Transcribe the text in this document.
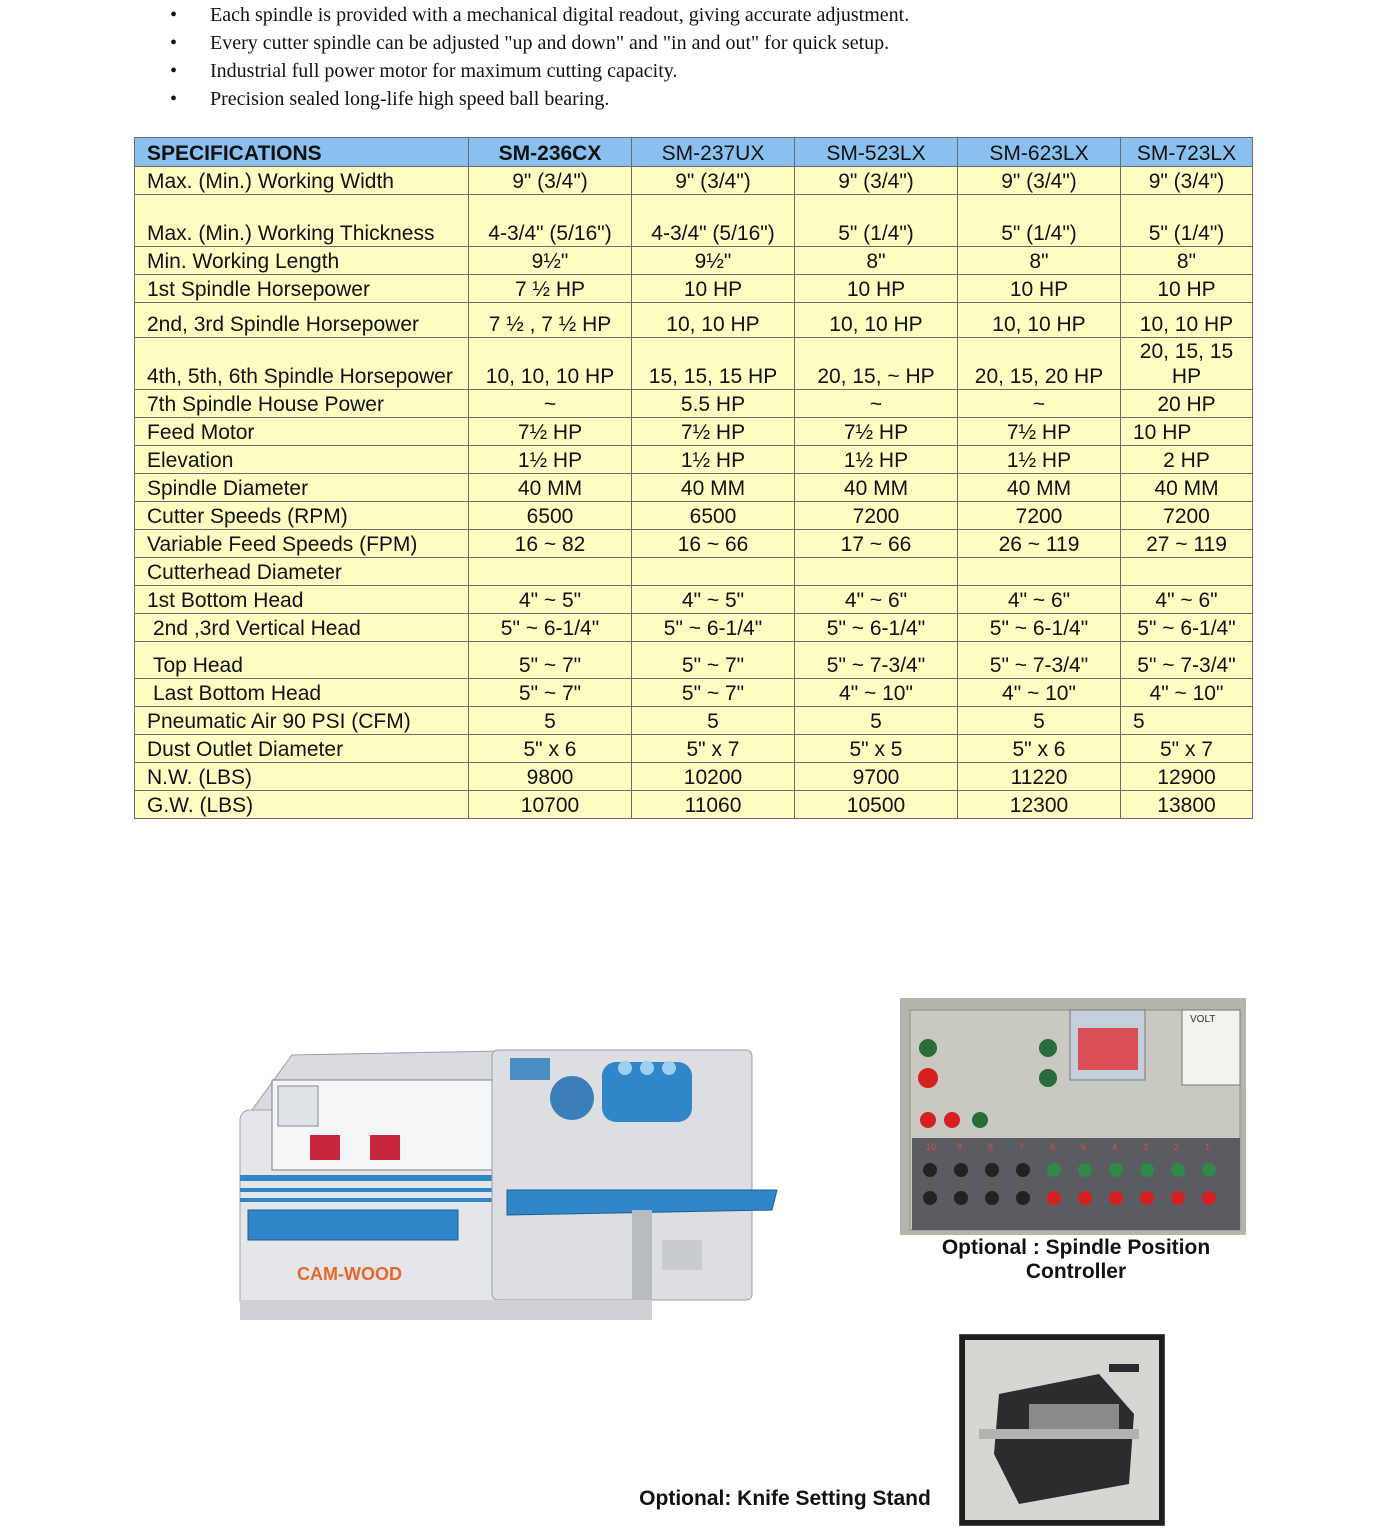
• Each spindle is provided with a mechanical digital readout, giving accurate adjustment.
• Every cutter spindle can be adjusted "up and down" and "in and out" for quick setup.
• Industrial full power motor for maximum cutting capacity.
• Precision sealed long-life high speed ball bearing.
SPECIFICATIONS	SM-236CX	SM-237UX	SM-523LX	SM-623LX	SM-723LX
Max. (Min.) Working Width	9" (3/4")	9" (3/4")	9" (3/4")	9" (3/4")	9" (3/4")
Max. (Min.) Working Thickness	4-3/4" (5/16")	4-3/4" (5/16")	5" (1/4")	5" (1/4")	5" (1/4")
Min. Working Length	9½"	9½"	8"	8"	8"
1st Spindle Horsepower	7 ½ HP	10 HP	10 HP	10 HP	10 HP
2nd, 3rd Spindle Horsepower	7 ½ , 7 ½ HP	10, 10 HP	10, 10 HP	10, 10 HP	10, 10 HP
4th, 5th, 6th Spindle Horsepower	10, 10, 10 HP	15, 15, 15 HP	20, 15, ~ HP	20, 15, 20 HP	20, 15, 15 HP
7th Spindle House Power	~	5.5 HP	~	~	20 HP
Feed Motor	7½ HP	7½ HP	7½ HP	7½ HP	10 HP
Elevation	1½ HP	1½ HP	1½ HP	1½ HP	2 HP
Spindle Diameter	40 MM	40 MM	40 MM	40 MM	40 MM
Cutter Speeds (RPM)	6500	6500	7200	7200	7200
Variable Feed Speeds (FPM)	16 ~ 82	16 ~ 66	17 ~ 66	26 ~ 119	27 ~ 119
Cutterhead Diameter					
1st Bottom Head	4" ~ 5"	4" ~ 5"	4" ~ 6"	4" ~ 6"	4" ~ 6"
2nd ,3rd Vertical Head	5" ~ 6-1/4"	5" ~ 6-1/4"	5" ~ 6-1/4"	5" ~ 6-1/4"	5" ~ 6-1/4"
Top Head	5" ~ 7"	5" ~ 7"	5" ~ 7-3/4"	5" ~ 7-3/4"	5" ~ 7-3/4"
Last Bottom Head	5" ~ 7"	5" ~ 7"	4" ~ 10"	4" ~ 10"	4" ~ 10"
Pneumatic Air 90 PSI (CFM)	5	5	5	5	5
Dust Outlet Diameter	5" x 6	5" x 7	5" x 5	5" x 6	5" x 7
N.W. (LBS)	9800	10200	9700	11220	12900
G.W. (LBS)	10700	11060	10500	12300	13800
CAM-WOOD
VOLT
10 9	8	7	6	5	4	3	2	1
Optional : Spindle Position
Controller
Optional: Knife Setting Stand
